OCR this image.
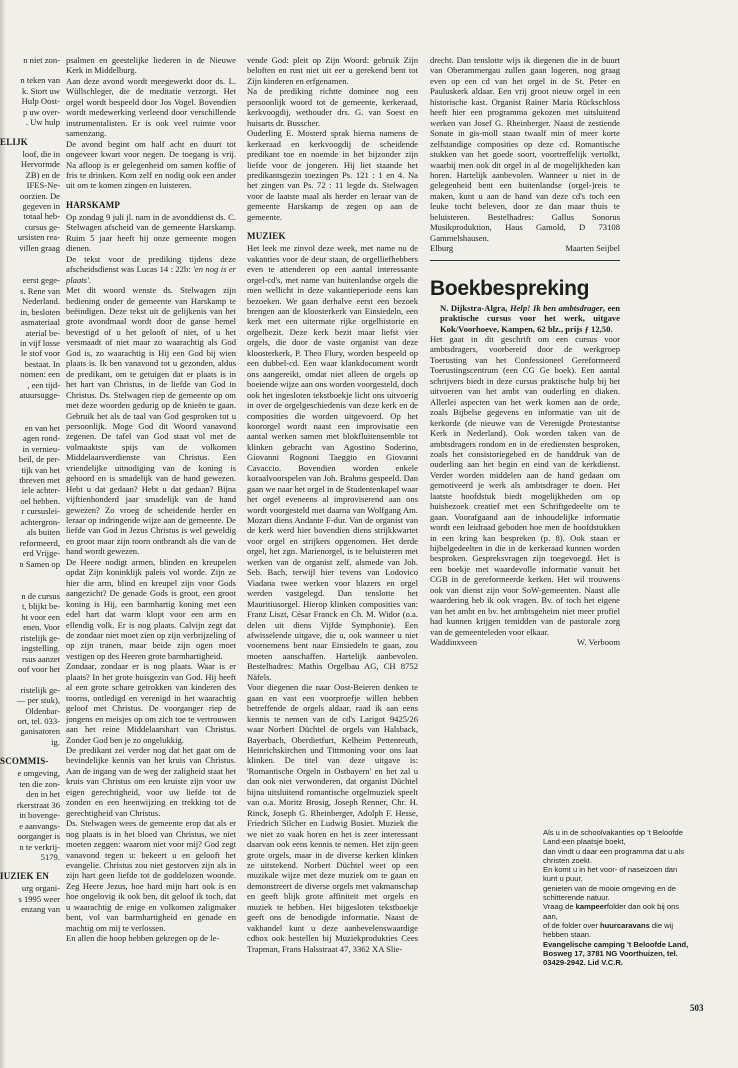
n niet zon-

n teken van

k. Stort uw

Hulp Oost-

p uw over-

. Uw hulp

ELIJK

loof, die in

Hervormde

ZB) en de

IFES-Ne-

oorzien. De

gegeven in

totaal heb-

cursus ge-

ursisten rea-

villen graag

eerst gege-

s. Rene van

Nederland.

in, besloten

asmateriaal

aterial be-

in vijf losse

le stof voor

bestaat. In

nomen: een

, een tijd-

atuursugge-

en van het

agen rond-

in vernieu-

beil, de per-

tijk van het

threven met

iele achter-

oel hebben.

r cursuslei-

achtergron-

als buiten

reformeerd,

erd Vrijge-

n Samen op

n de cursus

t, blijkt be-

ht voor een

enen. Voor

ristelijk ge-

ingstelling.

rsus aanzet

oof voor het

ristelijk ge-

— per stuk),

Oldenbar-

ort, tel. 033-

ganisatoren

ig.

SCOMMIS-

e omgeving,

ten die zon-

den in het

rkerstraat 36

in bovenge-

e aanvangs-

oorganger is

n te verkrij-

5179.

IUZIEK EN

urg organi-

s 1995 weer

enzang van

psalmen en geestelijke liederen in de Nieuwe Kerk in Middelburg.

Aan deze avond wordt meegewerkt door ds. L. Wüllschleger, die de meditatie verzorgt. Het orgel wordt bespeeld door Jos Vogel. Bovendien wordt medewerking verleend door verschillende instrumentalisten. Er is ook veel ruimte voor samenzang.

De avond begint om half acht en duurt tot ongeveer kwart voor negen. De toegang is vrij. Na afloop is er gelegenheid om samen koffie of fris te drinken. Kom zelf en nodig ook een ander uit om te komen zingen en luisteren.

HARSKAMP

Op zondag 9 juli jl. nam in de avonddienst ds. C. Stelwagen afscheid van de gemeente Harskamp. Ruim 5 jaar heeft hij onze gemeente mogen dienen.

De tekst voor de prediking tijdens deze afscheidsdienst was Lucas 14 : 22b: 'en nog is er plaats'.

Met dit woord wenste ds. Stelwagen zijn bediening onder de gemeente van Harskamp te beëindigen. Deze tekst uit de gelijkenis van het grote avondmaal wordt door de ganse hemel bevestigd of u het gelooft of niet, of u het versmaadt of niet maar zo waarachtig als God God is, zo waarachtig is Hij een God bij wien plaats is. Ik ben vanavond tot u gezonden, aldus de predikant, om te getuigen dat er plaats is in het hart van Christus, in de liefde van God in Christus. Ds. Stelwagen riep de gemeente op om met deze woorden gedurig op de knieën te gaan. Gebruik het als de taal van God gesproken tot u persoonlijk. Moge God dit Woord vanavond zegenen. De tafel van God staat vol met de volmaaktste spijs van de volkomen Middelaarsverdienste van Christus. Een vriendelijke uitnodiging van de koning is gehoord en is smadelijk van de hand gewezen. Hebt u dat gedaan? Hebt u dat gedaan? Bijna vijftienhonderd jaar smadelijk van de hand gewezen? Zo vroeg de scheidende herder en leraar op indringende wijze aan de gemeente. De liefde van God in Jezus Christus is wel geweldig en groot maar zijn toorn ontbrandt als die van de hand wordt gewezen.

De Heere nodigt armen, blinden en kreupelen opdat Zijn koninklijk paleis vol worde. Zijn ze hier die arm, blind en kreupel zijn voor Gods aangezicht? De genade Gods is groot, een groot koning is Hij, een barmhartig koning met een edel hart dat warm klopt voor een arm en ellendig volk. Er is nog plaats. Calvijn zegt dat de zondaar niet moet zien op zijn verbrijzeling of op zijn tranen, maar beide zijn ogen moet vestigen op des Heeren grote barmhartigheid.

Zondaar, zondaar er is nog plaats. Waar is er plaats? In het grote huisgezin van God. Hij heeft al een grote schare getrokken van kinderen des toorns, ontledigd en verenigd in het waarachtig geloof met Christus. De voorganger riep de jongens en meisjes op om zich toe te vertrouwen aan het reine Middelaarshart van Christus. Zonder God ben je zo ongelukkig.

De predikant zei verder nog dat het gaat om de bevindelijke kennis van het kruis van Christus. Aan de ingang van de weg der zaligheid staat het kruis van Christus om een kruiste zijn voor uw eigen gerechtigheid, voor uw liefde tot de zonden en een heenwijzing en trekking tot de gerechtigheid van Christus.

Ds. Stelwagen wees de gemeente erop dat als er nog plaats is in het bloed van Christus, we niet moeten zeggen: waarom niet voor mij? God zegt vanavond tegen u: bekeert u en gelooft het evangelie. Christus zou niet gestorven zijn als in zijn hart geen liefde tot de goddelozen woonde. Zeg Heere Jezus, hoe hard mijn hart ook is en hoe ongelovig ik ook ben, dit geloof ik toch, dat u waarachtig de enige en volkomen zaligmaker bent, vol van barmhartigheid en genade en machtig om mij te verlossen.

En allen die hoop hebben gekregen op de le-

vende God: pleit op Zijn Woord: gebruik Zijn beloften en rust niet uit eer u gerekend bent tot Zijn kinderen en erfgenamen.

Na de prediking richtte dominee nog een persoonlijk woord tot de gemeente, kerkeraad, kerkvoogdij, wethouder drs. G. van Soest en huisarts dr. Busscher.

Ouderling E. Mosterd sprak hierna namens de kerkeraad en kerkvoogdij de scheidende predikant toe en noemde in het bijzonder zijn liefde voor de jongeren. Hij liet staande het predikantsgezin toezingen Ps. 121 : 1 en 4. Na het zingen van Ps. 72 : 11 legde ds. Stelwagen voor de laatste maal als herder en leraar van de gemeente Harskamp de zegen op aan de gemeente.

MUZIEK

Het leek me zinvol deze week, met name nu de vakanties voor de deur staan, de orgelliefhebbers even te attenderen op een aantal interessante orgel-cd's, met name van buitenlandse orgels die men wellicht in deze vakantieperiode eens kan bezoeken. We gaan derhalve eerst een bezoek brengen aan de kloosterkerk van Einsiedeln, een kerk met een uitermate rijke orgelhistorie en orgelbezit. Deze kerk bezit maar liefst vier orgels, die door de vaste organist van deze kloosterkerk, P. Theo Flury, worden bespeeld op een dubbel-cd. Een waar klankdocument wordt ons aangereikt, omdat niet alleen de orgels op boeiende wijze aan ons worden voorgesteld, doch ook het ingesloten tekstboekje licht ons uitvoerig in over de orgelgeschiedenis van deze kerk en de composities die worden uitgevoerd. Op het koororgel wordt naast een improvisatie een aantal werken samen met blokfluitensemble tot klinken gebracht van Agostino Soderino, Giovanni Rognoni Taeggio en Giovanni Cavaccio. Bovendien worden enkele koraalvoorspelen van Joh. Brahms gespeeld. Dan gaan we naar het orgel in de Studentenkapel waar het orgel eveneens al improviserend aan ons wordt voorgesteld met daarna van Wolfgang Am. Mozart diens Andante F-dur. Van de organist van de kerk werd hier bovendien diens strijkkwartet voor orgel en strijkers opgenomen. Het derde orgel, het zgn. Marienorgel, is te beluisteren met werken van de organist zelf, alsmede van Joh. Seb. Bach, terwijl hier tevens van Lodovico Viadana twee werken voor blazers en orgel werden vastgelegd. Dan tenslotte het Mauritiusorgel. Hierop klinken composities van: Franz Liszt, César Franck en Ch. M. Widor (o.a. delen uit diens Vijfde Symphonie). Een afwisselende uitgave, die u, ook wanneer u niet voornemens bent naar Einsiedeln te gaan, zou moeten aanschaffen. Hartelijk aanbevolen. Bestelhadres: Mathis Orgelbau AG, CH 8752 Näfels.

Voor diegenen die naar Oost-Beieren denken te gaan en vast een voorproefje willen hebben betreffende de orgels aldaar, raad ik aan eens kennis te nemen van de cd's Larigot 9425/26 waar Norbert Düchtel de orgels van Halsback, Bayerbach, Oberdietfurt, Kelheim Pettenreuth, Heinrichskirchen und Tittmoning voor ons laat klinken. De titel van deze uitgave is: 'Romantische Orgeln in Ostbayern' en het zal u dan ook niet verwonderen, dat organist Düchtel bijna uitsluitend romantische orgelmuziek speelt van o.a. Moritz Brosig, Joseph Renner, Chr. H. Rinck, Joseph G. Rheinberger, Adolph F. Hesse, Friedrich Silcher en Ludwig Bosiet. Muziek die we niet zo vaak horen en het is zeer interessant daarvan ook eens kennis te nemen. Het zijn geen grote orgels, maar in de diverse kerken klinken ze uitstekend. Norbert Düchtel weet op een muzikale wijze met deze muziek om te gaan en demonstreert de diverse orgels met vakmanschap en geeft blijk grote affiniteit met orgels en muziek te hebben. Het bijgesloten tekstboekje geeft ons de benodigde informatie. Naast de vakhandel kunt u deze aanbevelenswaardige cdbox ook bestellen bij Muziekprodukties Cees Trapman, Frans Halsstraat 47, 3362 XA Slie-

drecht. Dan tenslotte wijs ik diegenen die in de buurt van Oberammergau zullen gaan logeren, nog graag even op een cd van het orgel in de St. Peter en Pauluskerk aldaar. Een vrij groot nieuw orgel in een historische kast. Organist Rainer Maria Rückschloss heeft hier een programma gekozen met uitsluitend werken van Josef G. Rheinberger. Naast de zestiende Sonate in gis-moll staan twaalf min of meer korte zelfstandige composities op deze cd. Romantische stukken van het goede soort, voortreffelijk vertolkt, waarbij men ook dit orgel in al de mogelijkheden kan horen. Hartelijk aanbevolen. Wanneer u niet in de gelegenheid bent een buitenlandse (orgel-)reis te maken, kunt u aan de hand van deze cd's toch een leuke tocht beleven, door ze dan maar thuis te beluisteren. Bestelhadres: Gallus Sonorus Musikproduktion, Haus Gamold, D 73108 Gammelshausen.

Elburg	Maarten Seijbel
Boekbespreking

N. Dijkstra-Algra, Help! Ik ben ambtsdrager, een praktische cursus voor het werk, uitgave Kok/Voorhoeve, Kampen, 62 blz., prijs ƒ 12,50.

Het gaat in dit geschrift om een cursus voor ambtsdragers, voorbereid door de werkgroep Toerusting van het Confessioneel Gereformeerd Toerustingscentrum (een CG Ge boek). Een aantal schrijvers biedt in deze cursus praktische hulp bij het uitvoeren van het ambt van ouderling en diaken. Allerlei aspecten van het werk komen aan de orde, zoals Bijbelse gegevens en informatie van uit de kerkorde (de nieuwe van de Verenigde Protestantse Kerk in Nederland). Ook worden taken van de ambtsdragers rondom en in de erediensten besproken, zoals het consistoriegebed en de handdruk van de ouderling aan het begin en eind van de kerkdienst. Verder worden middelen aan de hand gedaan om gemotiveerd je werk als ambtsdrager te doen. Het laatste hoofdstuk biedt mogelijkheden om op huisbezoek creatief met een Schriftgedeelte om te gaan. Voorafgaand aan de inhoudelijke informatie wordt een leidraad geboden hoe men de hoofdstukken in een kring kan bespreken (p. 8). Ook staan er bijbelgedeelten in die in de kerkeraad kunnen worden besproken. Gespreksvragen zijn toegevoegd. Het is een boekje met waardevolle informatie vanuit het CGB in de gereformeerde kerken. Het wil trouwens ook van dienst zijn voor SoW-gemeenten. Naast alle waardering heb ik ook vragen. Bv. of toch het eigene van het ambt en bv. het ambtsgeheim niet meer profiel had kunnen krijgen temidden van de pastorale zorg van de gemeenteleden voor elkaar.

Waddinxveen	W. Verboom

Als u in de schoolvakanties op 't Beloofde Land een plaatsje boekt,

dan vindt u daar een programma dat u als christen zoekt.

En komt u in het voor- of naseizoen dan kunt u puur,

genieten van de mooie omgeving en de schitterende natuur.

Vraag de kampeerfolder dan ook bij ons aan,

of de folder over huurcaravans die wij hebben staan.

Evangelische camping 't Beloofde Land, Bosweg 17, 3781 NG Voorthuizen, tel. 03429-2942. Lid V.C.R.

503
